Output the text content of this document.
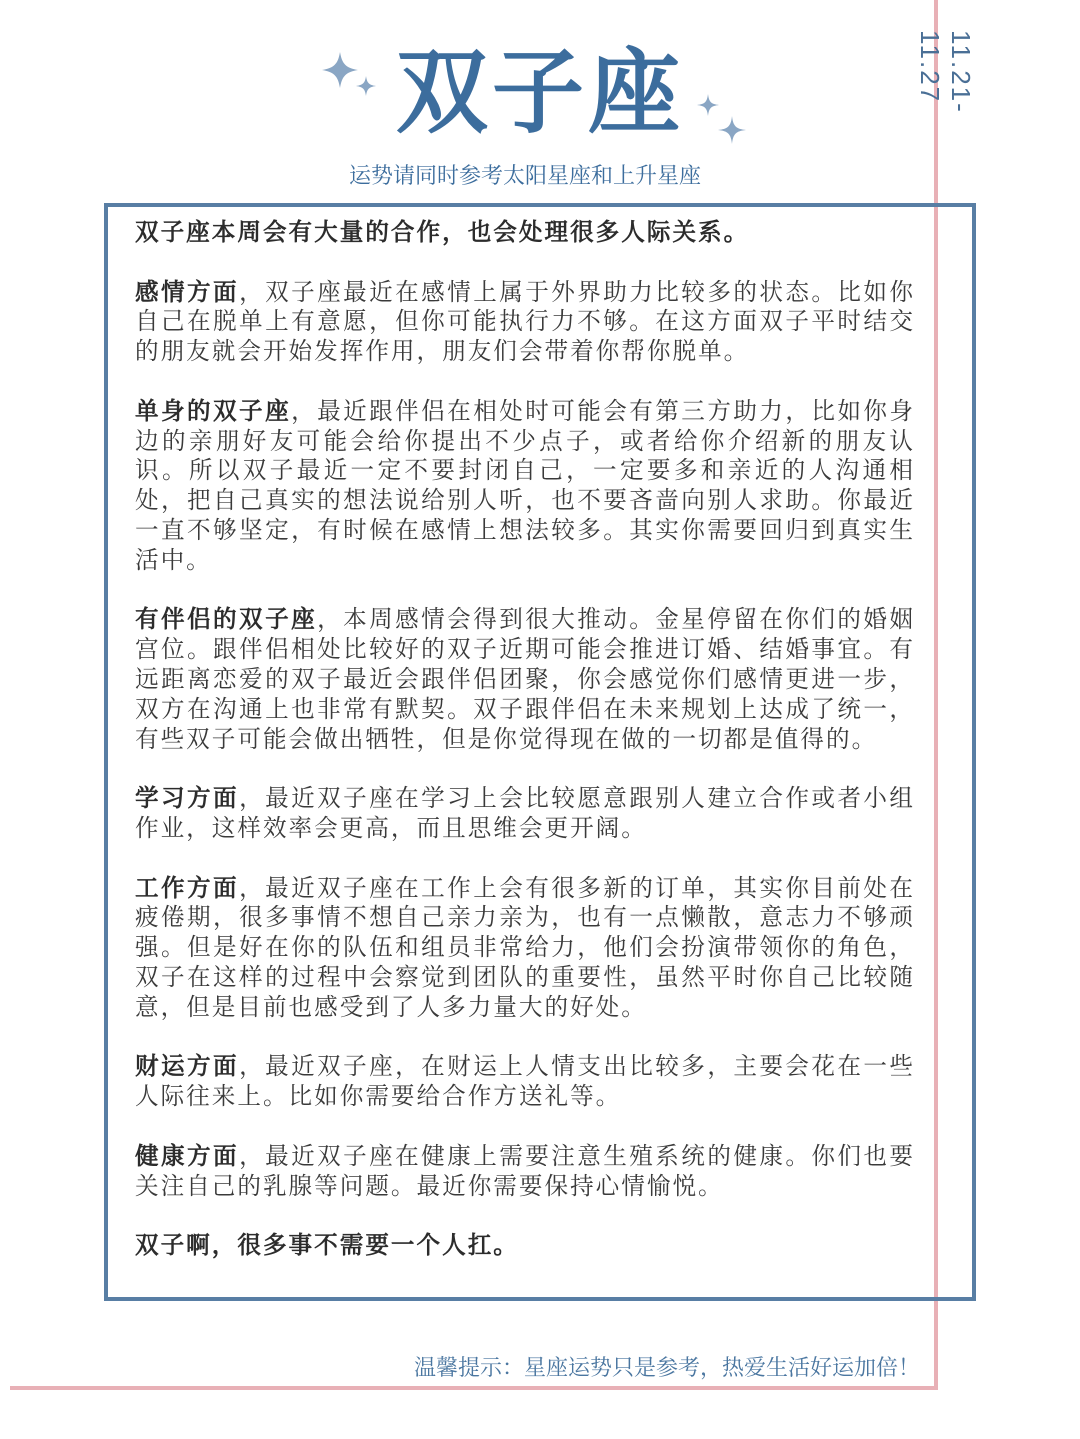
11.21-11.27
双子座
运势请同时参考太阳星座和上升星座

双子座本周会有大量的合作，也会处理很多人际关系。

感情方面，双子座最近在感情上属于外界助力比较多的状态。比如你自己在脱单上有意愿，但你可能执行力不够。在这方面双子平时结交的朋友就会开始发挥作用，朋友们会带着你帮你脱单。

单身的双子座，最近跟伴侣在相处时可能会有第三方助力，比如你身边的亲朋好友可能会给你提出不少点子，或者给你介绍新的朋友认识。所以双子最近一定不要封闭自己，一定要多和亲近的人沟通相处，把自己真实的想法说给别人听，也不要吝啬向别人求助。你最近一直不够坚定，有时候在感情上想法较多。其实你需要回归到真实生活中。

有伴侣的双子座，本周感情会得到很大推动。金星停留在你们的婚姻宫位。跟伴侣相处比较好的双子近期可能会推进订婚、结婚事宜。有远距离恋爱的双子最近会跟伴侣团聚，你会感觉你们感情更进一步，双方在沟通上也非常有默契。双子跟伴侣在未来规划上达成了统一，有些双子可能会做出牺牲，但是你觉得现在做的一切都是值得的。

学习方面，最近双子座在学习上会比较愿意跟别人建立合作或者小组作业，这样效率会更高，而且思维会更开阔。

工作方面，最近双子座在工作上会有很多新的订单，其实你目前处在疲倦期，很多事情不想自己亲力亲为，也有一点懒散，意志力不够顽强。但是好在你的队伍和组员非常给力，他们会扮演带领你的角色，双子在这样的过程中会察觉到团队的重要性，虽然平时你自己比较随意，但是目前也感受到了人多力量大的好处。

财运方面，最近双子座，在财运上人情支出比较多，主要会花在一些人际往来上。比如你需要给合作方送礼等。

健康方面，最近双子座在健康上需要注意生殖系统的健康。你们也要关注自己的乳腺等问题。最近你需要保持心情愉悦。

双子啊，很多事不需要一个人扛。

温馨提示：星座运势只是参考，热爱生活好运加倍！
